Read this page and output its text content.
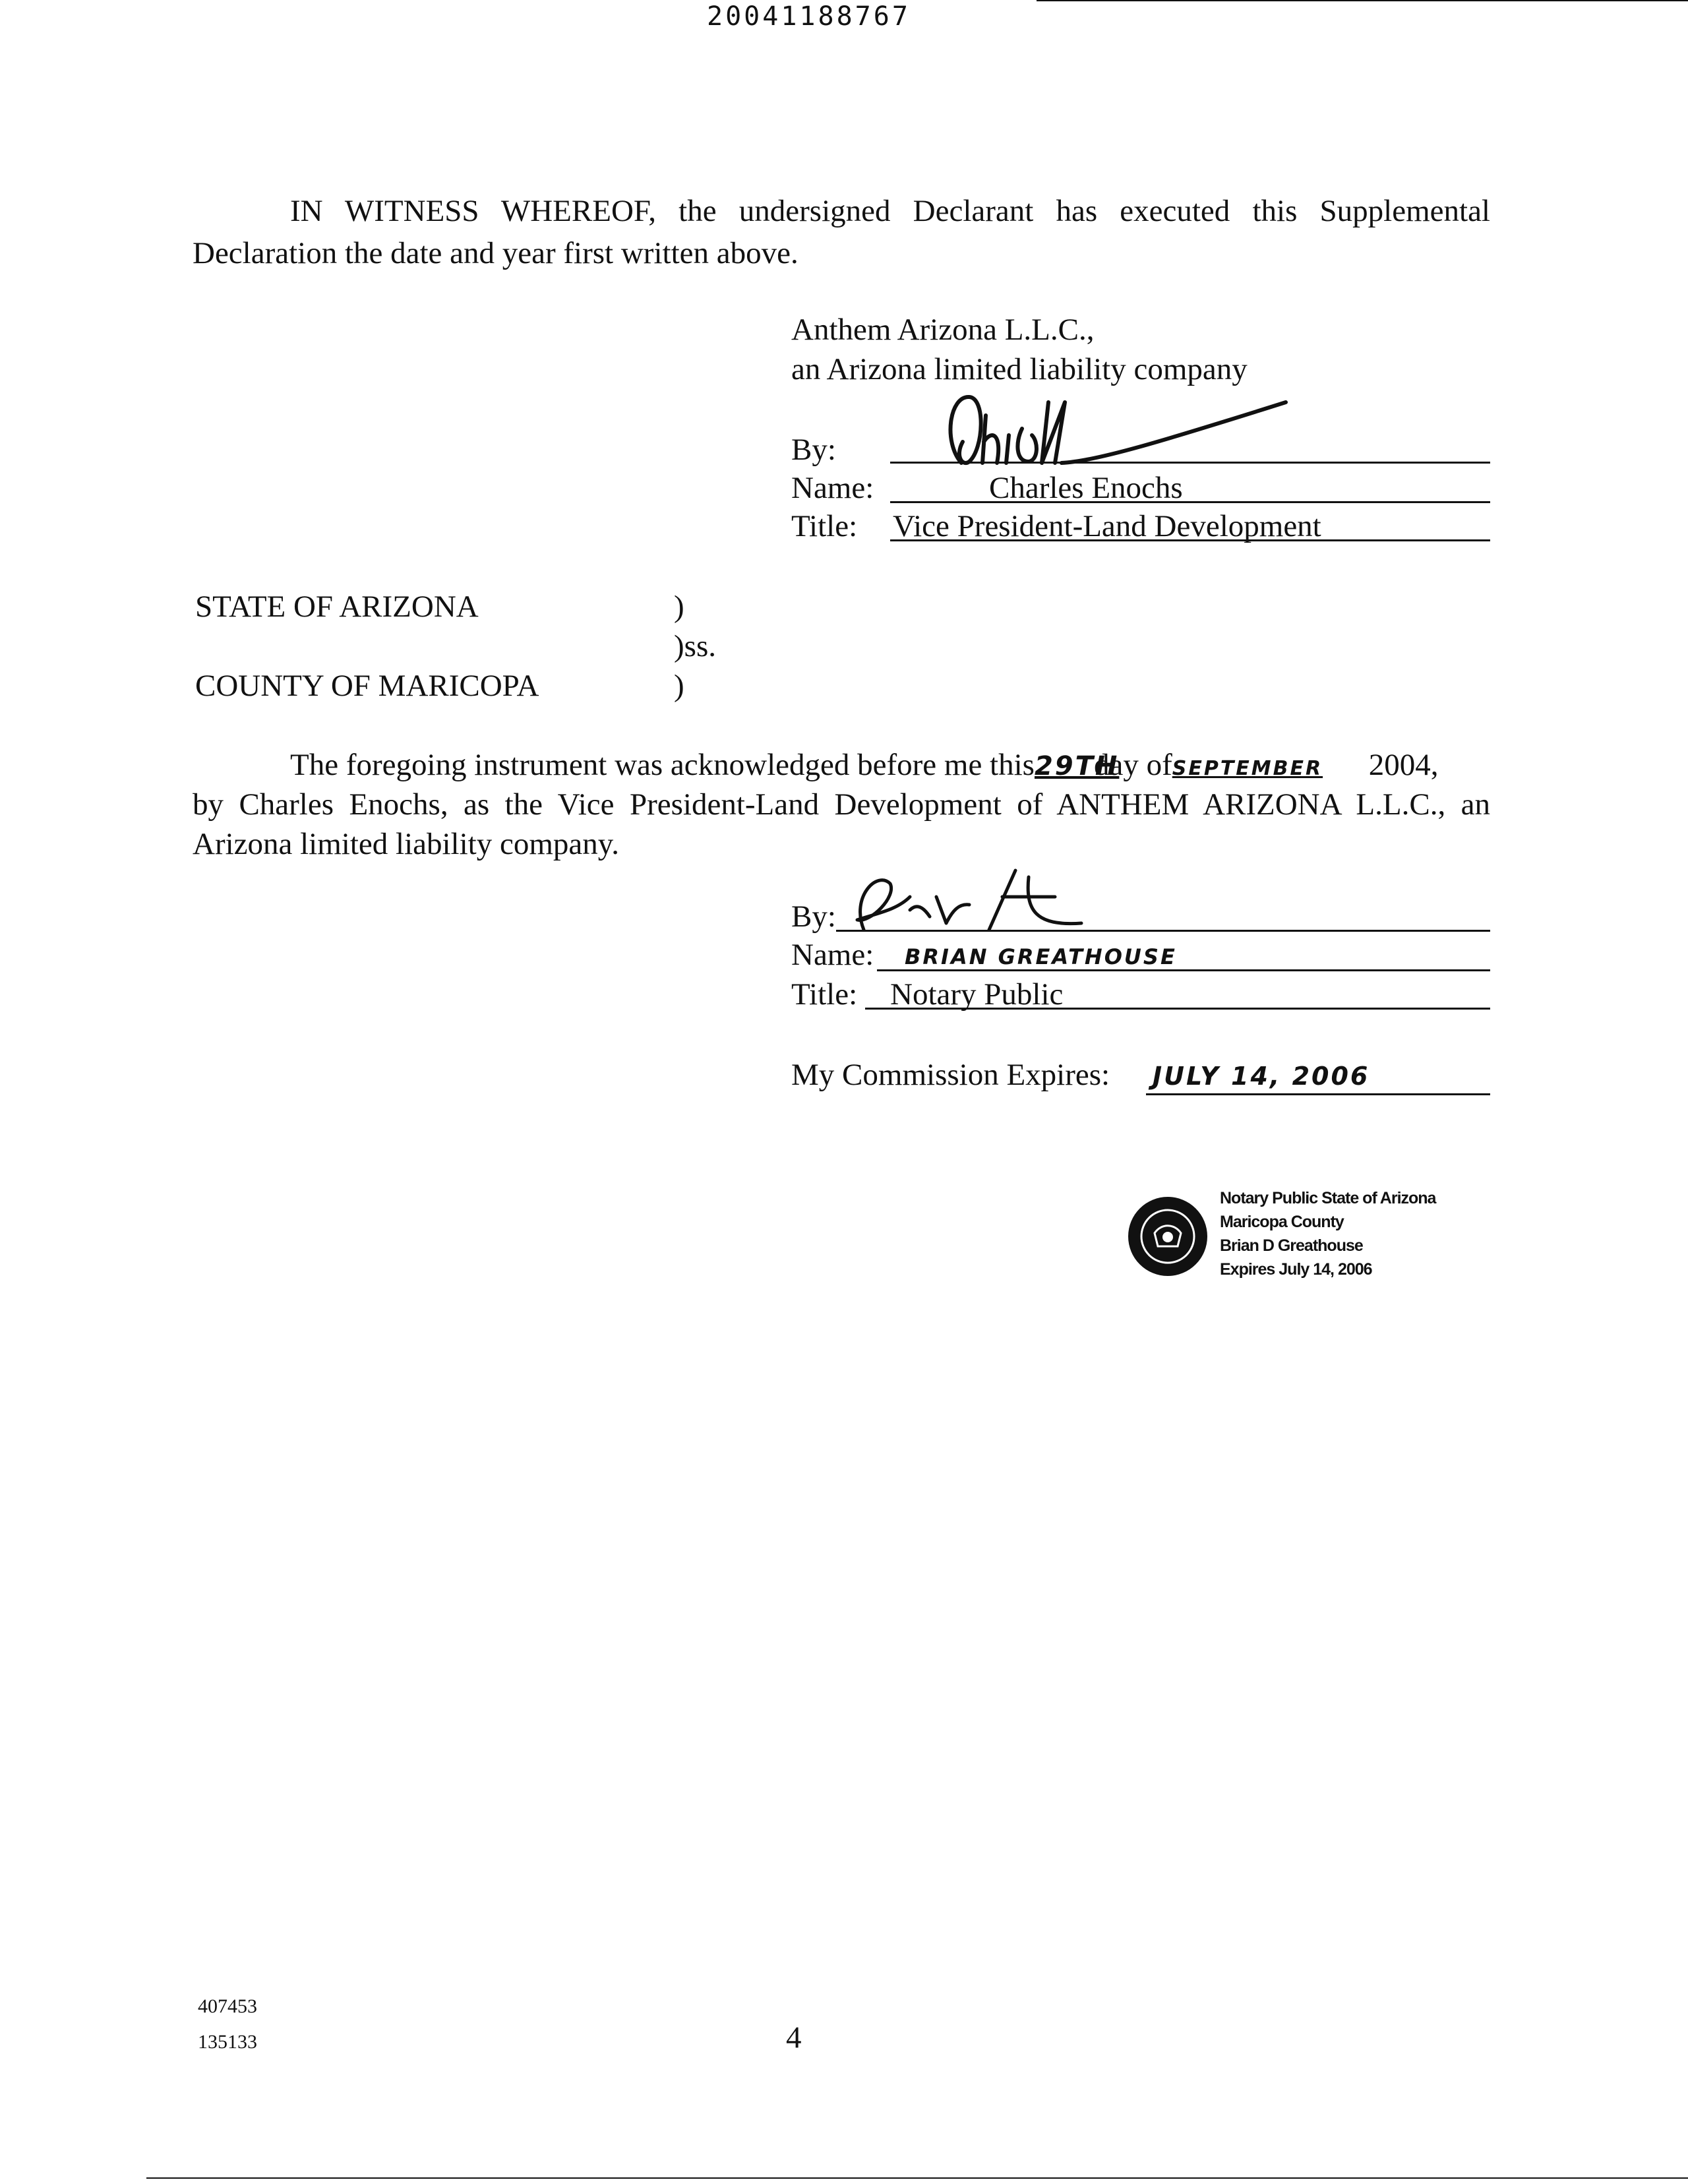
20041188767
IN WITNESS WHEREOF, the undersigned Declarant has executed this Supplemental
Declaration the date and year first written above.
Anthem Arizona L.L.C.,
an Arizona limited liability company
By:
Name:	Charles Enochs
Title: Vice President-Land Development
STATE OF ARIZONA	)
)ss.
COUNTY OF MARICOPA	)
The foregoing instrument was acknowledged before me this29THday ofSEPTEMBER 2004,
by Charles Enochs, as the Vice President-Land Development of ANTHEM ARIZONA L.L.C., an
Arizona limited liability company.
By:
Name: BRIAN GREATHOUSE
Title: Notary Public
My Commission Expires: JULY 14, 2006
Notary Public State of Arizona
Maricopa County
Brian D Greathouse
Expires July 14, 2006
407453
135133	4
